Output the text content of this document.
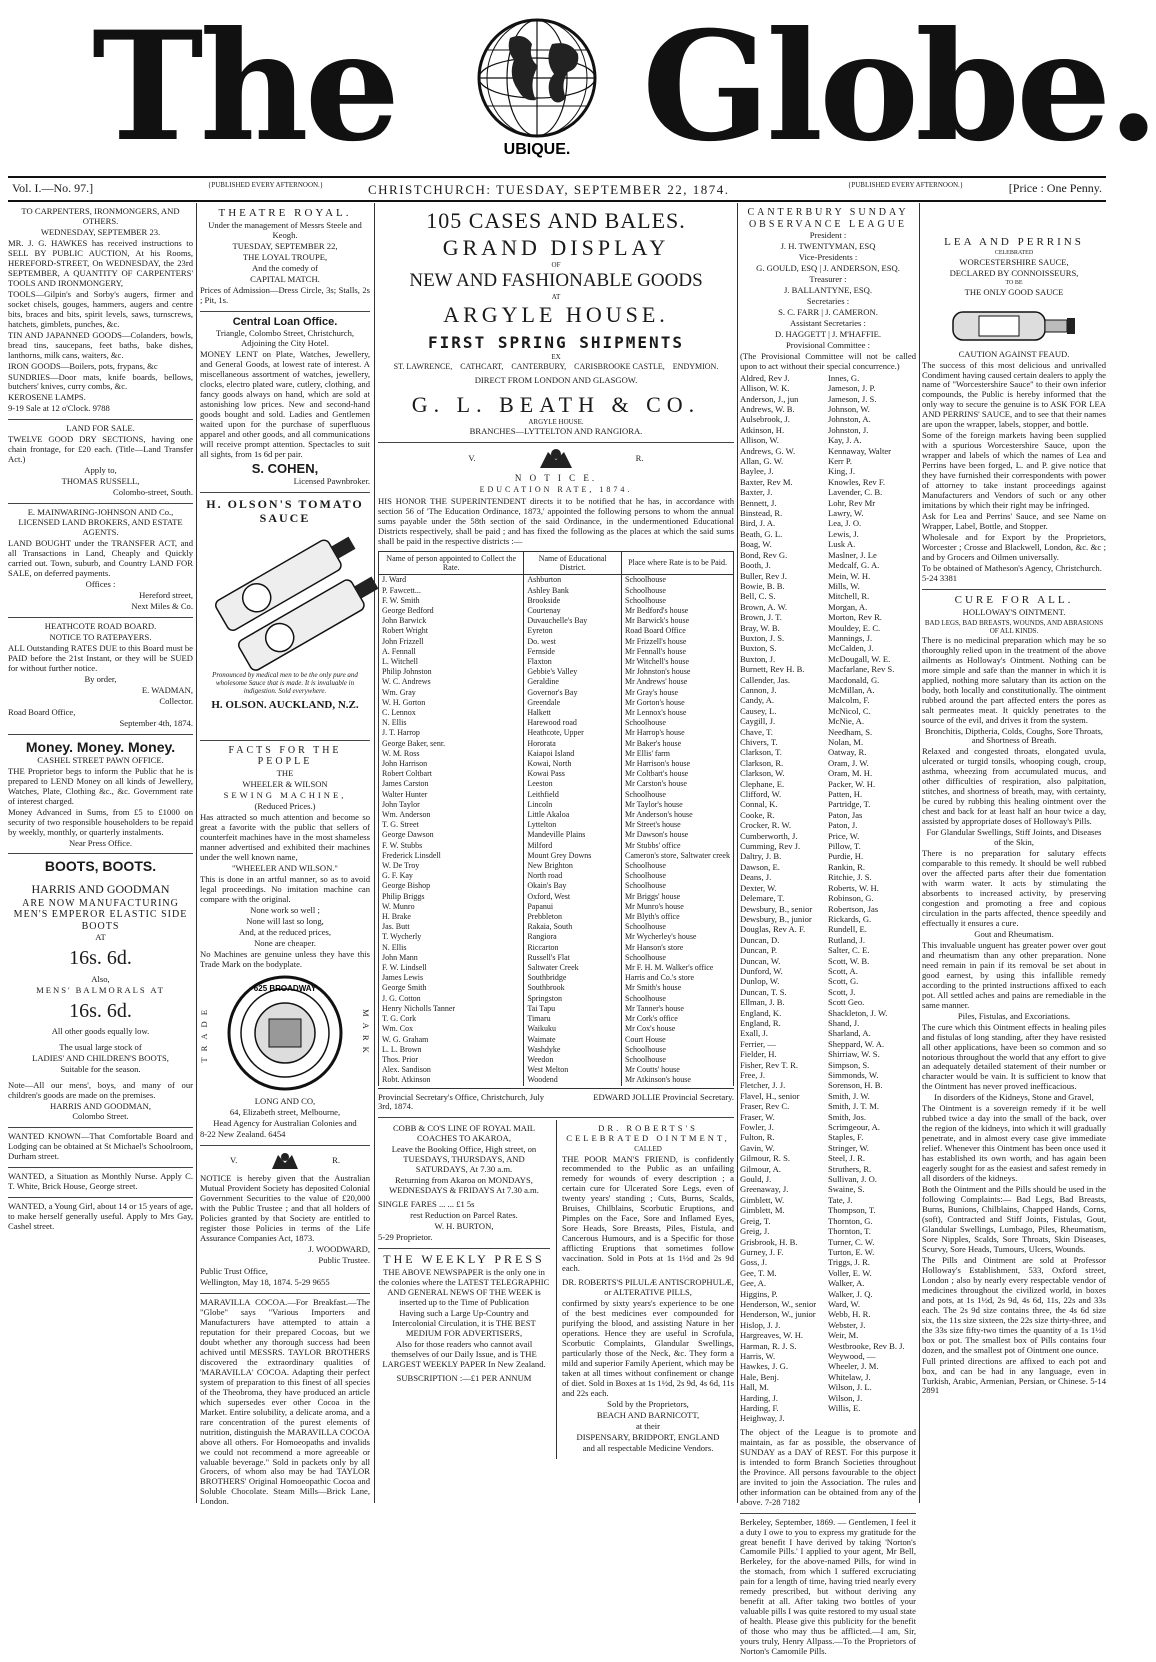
The	UBIQUE. Globe.
Vol. I.—No. 97.]	{PUBLISHED EVERY AFTERNOON.}	CHRISTCHURCH: TUESDAY, SEPTEMBER 22, 1874.	{PUBLISHED EVERY AFTERNOON.}	[Price : One Penny.

TO CARPENTERS, IRONMONGERS, AND OTHERS.

WEDNESDAY, SEPTEMBER 23.

MR. J. G. HAWKES has received instructions to SELL BY PUBLIC AUCTION, At his Rooms, HEREFORD-STREET, On WEDNESDAY, the 23rd SEPTEMBER, A QUANTITY OF CARPENTERS' TOOLS AND IRONMONGERY,

TOOLS—Gilpin's and Sorby's augers, firmer and socket chisels, gouges, hammers, augers and centre bits, braces and bits, spirit levels, saws, turnscrews, hatchets, gimblets, punches, &c.

TIN AND JAPANNED GOODS—Colanders, bowls, bread tins, saucepans, feet baths, bake dishes, lanthorns, milk cans, waiters, &c.

IRON GOODS—Boilers, pots, frypans, &c

SUNDRIES—Door mats, knife boards, bellows, butchers' knives, curry combs, &c.

KEROSENE LAMPS.

9-19 Sale at 12 o'Clock. 9788

LAND FOR SALE.

TWELVE GOOD DRY SECTIONS, having one chain frontage, for £20 each. (Title—Land Transfer Act.)

Apply to,

THOMAS RUSSELL,

Colombo-street, South.

E. MAINWARING-JOHNSON AND Co., LICENSED LAND BROKERS, AND ESTATE AGENTS.

LAND BOUGHT under the TRANSFER ACT, and all Transactions in Land, Cheaply and Quickly carried out. Town, suburb, and Country LAND FOR SALE, on deferred payments.

Offices :

Hereford street,

Next Miles & Co.

HEATHCOTE ROAD BOARD.

NOTICE TO RATEPAYERS.

ALL Outstanding RATES DUE to this Board must be PAID before the 21st Instant, or they will be SUED for without further notice.

By order,

E. WADMAN,

Collector.

Road Board Office,

September 4th, 1874.

Money. Money. Money.

CASHEL STREET PAWN OFFICE.

THE Proprietor begs to inform the Public that he is prepared to LEND Money on all kinds of Jewellery, Watches, Plate, Clothing &c., &c. Government rate of interest charged.

Money Advanced in Sums, from £5 to £1000 on security of two responsible householders to be repaid by weekly, monthly, or quarterly instalments.

Near Press Office.

BOOTS, BOOTS.

HARRIS AND GOODMAN

ARE NOW MANUFACTURING MEN'S EMPEROR ELASTIC SIDE BOOTS

AT

16s. 6d.

Also,

MENS' BALMORALS AT

16s. 6d.

All other goods equally low.

The usual large stock of

LADIES' AND CHILDREN'S BOOTS,

Suitable for the season.

Note—All our mens', boys, and many of our children's goods are made on the premises.

HARRIS AND GOODMAN,

Colombo Street.

WANTED KNOWN—That Comfortable Board and Lodging can be obtained at St Michael's Schoolroom, Durham street.

WANTED, a Situation as Monthly Nurse. Apply C. T. White, Brick House, George street.

WANTED, a Young Girl, about 14 or 15 years of age, to make herself generally useful. Apply to Mrs Gay, Cashel street.

THEATRE ROYAL.

Under the management of Messrs Steele and Keogh.

TUESDAY, SEPTEMBER 22,

THE LOYAL TROUPE,

And the comedy of

CAPITAL MATCH.

Prices of Admission—Dress Circle, 3s; Stalls, 2s ; Pit, 1s.

Central Loan Office.

Triangle, Colombo Street, Christchurch, Adjoining the City Hotel.

MONEY LENT on Plate, Watches, Jewellery, and General Goods, at lowest rate of interest. A miscellaneous assortment of watches, jewellery, clocks, electro plated ware, cutlery, clothing, and fancy goods always on hand, which are sold at astonishing low prices. New and second-hand goods bought and sold. Ladies and Gentlemen waited upon for the purchase of superfluous apparel and other goods, and all communications will receive prompt attention. Spectacles to suit all sights, from 1s 6d per pair.

S. COHEN,

Licensed Pawnbroker.

H. OLSON'S TOMATO SAUCE

Pronounced by medical men to be the only pure and wholesome Sauce that is made. It is invaluable in indigestion. Sold everywhere.

H. OLSON. AUCKLAND, N.Z.

FACTS FOR THE PEOPLE

THE

WHEELER & WILSON

SEWING MACHINE,

(Reduced Prices.)

Has attracted so much attention and become so great a favorite with the public that sellers of counterfeit machines have in the most shameless manner advertised and exhibited their machines under the well known name,

"WHEELER AND WILSON."

This is done in an artful manner, so as to avoid legal proceedings. No imitation machine can compare with the original.

None work so well ;

None will last so long,

And, at the reduced prices,

None are cheaper.

No Machines are genuine unless they have this Trade Mark on the bodyplate.

TRADE
625 BROADWAY
MARK

LONG AND CO,

64, Elizabeth street, Melbourne,

Head Agency for Australian Colonies and

8-22 New Zealand. 6454

V.	R.

NOTICE is hereby given that the Australian Mutual Provident Society has deposited Colonial Government Securities to the value of £20,000 with the Public Trustee ; and that all holders of Policies granted by that Society are entitled to register those Policies in terms of the Life Assurance Companies Act, 1873.

J. WOODWARD,

Public Trustee.

Public Trust Office,

Wellington, May 18, 1874. 5-29 9655

MARAVILLA COCOA.—For Breakfast.—The "Globe" says "Various Importers and Manufacturers have attempted to attain a reputation for their prepared Cocoas, but we doubt whether any thorough success had been achived until MESSRS. TAYLOR BROTHERS discovered the extraordinary qualities of 'MARAVILLA' COCOA. Adapting their perfect system of preparation to this finest of all species of the Theobroma, they have produced an article which supersedes ever other Cocoa in the Market. Entire solubility, a delicate aroma, and a rare concentration of the purest elements of nutrition, distinguish the MARAVILLA COCOA above all others. For Homoeopaths and invalids we could not recommend a more agreeable or valuable beverage." Sold in packets only by all Grocers, of whom also may be had TAYLOR BROTHERS' Original Homoeopathic Cocoa and Soluble Chocolate. Steam Mills—Brick Lane, London.

105 CASES AND BALES.

GRAND DISPLAY

OF

NEW AND FASHIONABLE GOODS

AT

ARGYLE HOUSE.

FIRST SPRING SHIPMENTS

EX

ST. LAWRENCE,    CATHCART,    CANTERBURY,    CARISBROOKE CASTLE,    ENDYMION.

DIRECT FROM LONDON AND GLASGOW.

G. L. BEATH & CO.

ARGYLE HOUSE.

BRANCHES—LYTTELTON AND RANGIORA.

V.	R.

N O T I C E.

EDUCATION RATE, 1874.

HIS HONOR THE SUPERINTENDENT directs it to be notified that he has, in accordance with section 56 of 'The Education Ordinance, 1873,' appointed the following persons to whom the annual sums payable under the 58th section of the said Ordinance, in the undermentioned Educational Districts respectively, shall be paid ; and has fixed the following as the places at which the said sums shall be paid in the respective districts :—

Name of person appointed to Collect the Rate.	Name of Educational District.	Place where Rate is to be Paid.
J. Ward	Ashburton	Schoolhouse
P. Fawcett...	Ashley Bank	Schoolhouse
F. W. Smith	Brookside	Schoolhouse
George Bedford	Courtenay	Mr Bedford's house
John Barwick	Duvauchelle's Bay	Mr Barwick's house
Robert Wright	Eyreton	Road Board Office
John Frizzell	Do. west	Mr Frizzell's house
A. Fennall	Fernside	Mr Fennall's house
L. Witchell	Flaxton	Mr Witchell's house
Philip Johnston	Gebbie's Valley	Mr Johnston's house
W. C. Andrews	Geraldine	Mr Andrews' house
Wm. Gray	Governor's Bay	Mr Gray's house
W. H. Gorton	Greendale	Mr Gorton's house
C. Lennox	Halkett	Mr Lennox's house
N. Ellis	Harewood road	Schoolhouse
J. T. Harrop	Heathcote, Upper	Mr Harrop's house
George Baker, senr.	Hororata	Mr Baker's house
W. M. Ross	Kaiapoi Island	Mr Ellis' farm
John Harrison	Kowai, North	Mr Harrison's house
Robert Coltbart	Kowai Pass	Mr Coltbart's house
James Carston	Leeston	Mr Carston's house
Walter Hunter	Leithfield	Schoolhouse
John Taylor	Lincoln	Mr Taylor's house
Wm. Anderson	Little Akaloa	Mr Anderson's house
T. G. Street	Lyttelton	Mr Street's house
George Dawson	Mandeville Plains	Mr Dawson's house
F. W. Stubbs	Milford	Mr Stubbs' office
Frederick Linsdell	Mount Grey Downs	Cameron's store, Saltwater creek
W. De Troy	New Brighton	Schoolhouse
G. F. Kay	North road	Schoolhouse
George Bishop	Okain's Bay	Schoolhouse
Philip Briggs	Oxford, West	Mr Briggs' house
W. Munro	Papanui	Mr Munro's house
H. Brake	Prebbleton	Mr Blyth's office
Jas. Butt	Rakaia, South	Schoolhouse
T. Wycherly	Rangiora	Mr Wycherley's house
N. Ellis	Riccarton	Mr Hanson's store
John Mann	Russell's Flat	Schoolhouse
F. W. Lindsell	Saltwater Creek	Mr F. H. M. Walker's office
James Lewis	Southbridge	Harris and Co.'s store
George Smith	Southbrook	Mr Smith's house
J. G. Cotton	Springston	Schoolhouse
Henry Nicholls Tanner	Tai Tapu	Mr Tanner's house
T. G. Cork	Timaru	Mr Cork's office
Wm. Cox	Waikuku	Mr Cox's house
W. G. Graham	Waimate	Court House
L. L. Brown	Washdyke	Schoolhouse
Thos. Prior	Weedon	Schoolhouse
Alex. Sandison	West Melton	Mr Coutts' house
Robt. Atkinson	Woodend	Mr Atkinson's house

Provincial Secretary's Office, Christchurch, July 3rd, 1874.

EDWARD JOLLIE Provincial Secretary.

COBB & CO'S LINE OF ROYAL MAIL COACHES TO AKAROA,

Leave the Booking Office, High street, on TUESDAYS, THURSDAYS, AND SATURDAYS, At 7.30 a.m.

Returning from Akaroa on MONDAYS, WEDNESDAYS & FRIDAYS At 7.30 a.m.

SINGLE FARES ... ... £1 5s

rest Reduction on Parcel Rates.

W. H. BURTON,

5-29 Proprietor.

THE WEEKLY PRESS

THE ABOVE NEWSPAPER is the only one in the colonies where the LATEST TELEGRAPHIC AND GENERAL NEWS OF THE WEEK is inserted up to the Time of Publication

Having such a Large Up-Country and Intercolonial Circulation, it is THE BEST MEDIUM FOR ADVERTISERS,

Also for those readers who cannot avail themselves of our Daily Issue, and is THE LARGEST WEEKLY PAPER In New Zealand.

SUBSCRIPTION :—£1 PER ANNUM

DR. ROBERTS'S CELEBRATED OINTMENT,

CALLED

THE POOR MAN'S FRIEND, is confidently recommended to the Public as an unfailing remedy for wounds of every description ; a certain cure for Ulcerated Sore Legs, even of twenty years' standing ; Cuts, Burns, Scalds, Bruises, Chilblains, Scorbutic Eruptions, and Pimples on the Face, Sore and Inflamed Eyes, Sore Heads, Sore Breasts, Piles, Fistula, and Cancerous Humours, and is a Specific for those afflicting Eruptions that sometimes follow vaccination. Sold in Pots at 1s 1½d and 2s 9d each.

DR. ROBERTS'S PILULÆ ANTISCROPHULÆ, or ALTERATIVE PILLS,

confirmed by sixty years's experience to be one of the best medicines ever compounded for purifying the blood, and assisting Nature in her operations. Hence they are useful in Scrofula, Scorbutic Complaints, Glandular Swellings, particularly those of the Neck, &c. They form a mild and superior Family Aperient, which may be taken at all times without confinement or change of diet. Sold in Boxes at 1s 1½d, 2s 9d, 4s 6d, 11s and 22s each.

Sold by the Proprietors,

BEACH AND BARNICOTT,

at their

DISPENSARY, BRIDPORT, ENGLAND

and all respectable Medicine Vendors.

CANTERBURY SUNDAY OBSERVANCE LEAGUE

President :

J. H. TWENTYMAN, ESQ

Vice-Presidents :

G. GOULD, ESQ | J. ANDERSON, ESQ.

Treasurer :

J. BALLANTYNE, ESQ.

Secretaries :

S. C. FARR | J. CAMERON.

Assistant Secretaries :

D. HAGGETT | J. M'HAFFIE.

Provisional Committee :

(The Provisional Committee will not be called upon to act without their special concurrence.)

Aldred, Rev J.

Allison, W. K.

Anderson, J., jun

Andrews, W. B.

Aulsebrook, J.

Atkinson, H.

Allison, W.

Andrews, G. W.

Allan, G. W.

Baylee, J.

Baxter, Rev M.

Baxter, J.

Bennett, J.

Binstead, R.

Bird, J. A.

Beath, G. L.

Boag, W.

Bond, Rev G.

Booth, J.

Buller, Rev J.

Bowie, B. B.

Bell, C. S.

Brown, A. W.

Brown, J. T.

Bray, W. B.

Buxton, J. S.

Buxton, S.

Buxton, J.

Burnett, Rev H. B.

Callender, Jas.

Cannon, J.

Candy, A.

Causey, L.

Caygill, J.

Chave, T.

Chivers, T.

Clarkson, T.

Clarkson, R.

Clarkson, W.

Clephane, E.

Clifford, W.

Connal, K.

Cooke, R.

Crocker, R. W.

Cumberworth, J.

Cumming, Rev J.

Daltry, J. B.

Dawson, E.

Deans, J.

Dexter, W.

Delemare, T.

Dewsbury, B., senior

Dewsbury, B., junior

Douglas, Rev A. F.

Duncan, D.

Duncan, P.

Duncan, W.

Dunford, W.

Dunlop, W.

Duncan, T. S.

Ellman, J. B.

England, K.

England, R.

Exall, J.

Ferrier, —

Fielder, H.

Fisher, Rev T. R.

Free, J.

Fletcher, J. J.

Flavel, H., senior

Fraser, Rev C.

Fraser, W.

Fowler, J.

Fulton, R.

Gavin, W.

Gilmour, R. S.

Gilmour, A.

Gould, J.

Greenaway, J.

Gimblett, W.

Gimblett, M.

Greig, T.

Greig, J.

Grisbrook, H. B.

Gurney, J. F.

Goss, J.

Gee, T. M.

Gee, A.

Higgins, P.

Henderson, W., senior

Henderson, W., junior

Hislop, J. J.

Hargreaves, W. H.

Harman, R. J. S.

Harris, W.

Hawkes, J. G.

Hale, Benj.

Hall, M.

Harding, J.

Harding, F.

Heighway, J.

Innes, G.

Jameson, J. P.

Jameson, J. S.

Johnson, W.

Johnston, A.

Johnston, J.

Kay, J. A.

Kennaway, Walter

Kerr P.

King, J.

Knowles, Rev F.

Lavender, C. B.

Lohr, Rev Mr

Lawry, W.

Lea, J. O.

Lewis, J.

Lusk A.

Maslner, J. Le

Medcalf, G. A.

Mein, W. H.

Mills, W.

Mitchell, R.

Morgan, A.

Morton, Rev R.

Mouldey, E. C.

Mannings, J.

McCalden, J.

McDougall, W. E.

Macfarlane, Rev S.

Macdonald, G.

McMillan, A.

Malcolm, F.

McNicol, C.

McNie, A.

Needham, S.

Nolan, M.

Oatway, R.

Oram, J. W.

Oram, M. H.

Packer, W. H.

Patten, H.

Partridge, T.

Paton, Jas

Paton, J.

Price, W.

Pillow, T.

Purdie, H.

Rankin, R.

Ritchie, J. S.

Roberts, W. H.

Robinson, G.

Robertson, Jas

Rickards, G.

Rundell, E.

Rutland, J.

Salter, C. E.

Scott, W. B.

Scott, A.

Scott, G.

Scott, J.

Scott Geo.

Shackleton, J. W.

Shand, J.

Sharland, A.

Sheppard, W. A.

Shirriaw, W. S.

Simpson, S.

Simmonds, W.

Sorenson, H. B.

Smith, J. W.

Smith, J. T. M.

Smith, Jos.

Scrimgeour, A.

Staples, F.

Stringer, W.

Steel, J. R.

Struthers, R.

Sullivan, J. O.

Swaine, S.

Tate, J.

Thompson, T.

Thornton, G.

Thornton, T.

Turner, C. W.

Turton, E. W.

Triggs, J. R.

Voller, E. W.

Walker, A.

Walker, J. Q.

Ward, W.

Webb, H. R.

Webster, J.

Weir, M.

Westbrooke, Rev B. J.

Weywood, —

Wheeler, J. M.

Whitelaw, J.

Wilson, J. L.

Wilson, J.

Willis, E.

The object of the League is to promote and maintain, as far as possible, the observance of SUNDAY as a DAY of REST. For this purpose it is intended to form Branch Societies throughout the Province. All persons favourable to the object are invited to join the Association. The rules and other information can be obtained from any of the above. 7-28 7182

Berkeley, September, 1869. — Gentlemen, I feel it a duty I owe to you to express my gratitude for the great benefit I have derived by taking 'Norton's Camomile Pills.' I applied to your agent, Mr Bell, Berkeley, for the above-named Pills, for wind in the stomach, from which I suffered excruciating pain for a length of time, having tried nearly every remedy prescribed, but without deriving any benefit at all. After taking two bottles of your valuable pills I was quite restored to my usual state of health. Please give this publicity for the benefit of those who may thus be afflicted.—I am, Sir, yours truly, Henry Allpass.—To the Proprietors of Norton's Camomile Pills.

LEA AND PERRINS

CELEBRATED

WORCESTERSHIRE SAUCE,

DECLARED BY CONNOISSEURS,

TO BE

THE ONLY GOOD SAUCE

CAUTION AGAINST FEAUD.

The success of this most delicious and unrivalled Condiment having caused certain dealers to apply the name of "Worcestershire Sauce" to their own inferior compounds, the Public is hereby informed that the only way to secure the genuine is to ASK FOR LEA AND PERRINS' SAUCE, and to see that their names are upon the wrapper, labels, stopper, and bottle.

Some of the foreign markets having been supplied with a spurious Worcestershire Sauce, upon the wrapper and labels of which the names of Lea and Perrins have been forged, L. and P. give notice that they have furnished their correspondents with power of attorney to take instant proceedings against Manufacturers and Vendors of such or any other imitations by which their right may be infringed.

Ask for Lea and Perrins' Sauce, and see Name on Wrapper, Label, Bottle, and Stopper.

Wholesale and for Export by the Proprietors, Worcester ; Crosse and Blackwell, London, &c. &c ; and by Grocers and Oilmen universally.

To be obtained of Matheson's Agency, Christchurch. 5-24 3381

CURE FOR ALL.

HOLLOWAY'S OINTMENT.

BAD LEGS, BAD BREASTS, WOUNDS, AND ABRASIONS OF ALL KINDS.

There is no medicinal preparation which may be so thoroughly relied upon in the treatment of the above ailments as Holloway's Ointment. Nothing can be more simple and safe than the manner in which it is applied, nothing more salutary than its action on the body, both locally and constitutionally. The ointment rubbed around the part affected enters the pores as salt permeates meat. It quickly penetrates to the source of the evil, and drives it from the system.

Bronchitis, Diptheria, Colds, Coughs, Sore Throats, and Shortness of Breath.

Relaxed and congested throats, elongated uvula, ulcerated or turgid tonsils, whooping cough, croup, asthma, wheezing from accumulated mucus, and other difficulties of respiration, also palpitation, stitches, and shortness of breath, may, with certainty, be cured by rubbing this healing ointment over the chest and back for at least half an hour twice a day, assisted by appropriate doses of Holloway's Pills.

For Glandular Swellings, Stiff Joints, and Diseases of the Skin,

There is no preparation for salutary effects comparable to this remedy. It should be well rubbed over the affected parts after their due fomentation with warm water. It acts by stimulating the absorbents to increased activity, by preserving congestion and promoting a free and copious circulation in the parts affected, thence speedily and effectually it ensures a cure.

Gout and Rheumatism.

This invaluable unguent has greater power over gout and rheumatism than any other preparation. None need remain in pain if its removal be set about in good earnest, by using this infallible remedy according to the printed instructions affixed to each pot. All settled aches and pains are remediable in the same manner.

Piles, Fistulas, and Excoriations.

The cure which this Ointment effects in healing piles and fistulas of long standing, after they have resisted all other applications, have been so common and so notorious throughout the world that any effort to give an adequately detailed statement of their number or character would be vain. It is sufficient to know that the Ointment has never proved inefficacious.

In disorders of the Kidneys, Stone and Gravel,

The Ointment is a sovereign remedy if it be well rubbed twice a day into the small of the back, over the region of the kidneys, into which it will gradually penetrate, and in almost every case give immediate relief. Whenever this Ointment has been once used it has established its own worth, and has again been eagerly sought for as the easiest and safest remedy in all disorders of the kidneys.

Both the Ointment and the Pills should be used in the following Complaints:— Bad Legs, Bad Breasts, Burns, Bunions, Chilblains, Chapped Hands, Corns, (soft), Contracted and Stiff Joints, Fistulas, Gout, Glandular Swellings, Lumbago, Piles, Rheumatism, Sore Nipples, Scalds, Sore Throats, Skin Diseases, Scurvy, Sore Heads, Tumours, Ulcers, Wounds.

The Pills and Ointment are sold at Professor Holloway's Establishment, 533, Oxford street, London ; also by nearly every respectable vendor of medicines throughout the civilized world, in boxes and pots, at 1s 1½d, 2s 9d, 4s 6d, 11s, 22s and 33s each. The 2s 9d size contains three, the 4s 6d size six, the 11s size sixteen, the 22s size thirty-three, and the 33s size fifty-two times the quantity of a 1s 1½d box or pot. The smallest box of Pills contains four dozen, and the smallest pot of Ointment one ounce.

Full printed directions are affixed to each pot and box, and can be had in any language, even in Turkish, Arabic, Armenian, Persian, or Chinese. 5-14 2891
